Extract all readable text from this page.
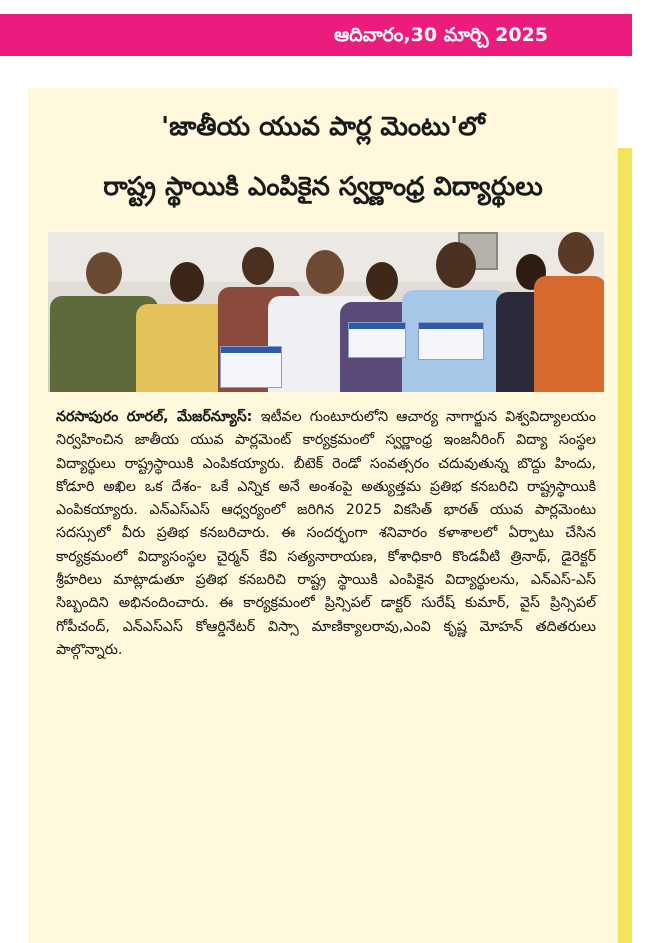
ఆదివారం,30 మార్చి 2025
'జాతీయ యువ పార్ల మెంటు'లో
రాష్ట్ర స్థాయికి ఎంపికైన స్వర్ణాంధ్ర విద్యార్థులు
నరసాపురం రూరల్, మేజర్‌న్యూస్: ఇటీవల గుంటూరులోని ఆచార్య నాగార్జున విశ్వవిద్యాలయం నిర్వహించిన జాతీయ యువ పార్లమెంట్ కార్యక్రమంలో స్వర్ణాంధ్ర ఇంజనీరింగ్ విద్యా సంస్థల విద్యార్థులు రాష్ట్రస్థాయికి ఎంపికయ్యారు. బీటెక్ రెండో సంవత్సరం చదువుతున్న బొద్దు హిందు, కోడూరి అఖిల ఒక దేశం- ఒకే ఎన్నిక అనే అంశంపై అత్యుత్తమ ప్రతిభ కనబరిచి రాష్ట్రస్థాయికి ఎంపికయ్యారు. ఎన్ఎస్ఎస్ ఆధ్వర్యంలో జరిగిన 2025 వికసిత్ భారత్ యువ పార్లమెంటు సదస్సులో వీరు ప్రతిభ కనబరిచారు. ఈ సందర్భంగా శనివారం కళాశాలలో ఏర్పాటు చేసిన కార్యక్రమంలో విద్యాసంస్థల చైర్మన్ కేవి సత్యనారాయణ, కోశాధికారి కొండవీటి త్రినాథ్, డైరెక్టర్ శ్రీహరిలు మాట్లాడుతూ ప్రతిభ కనబరిచి రాష్ట్ర స్థాయికి ఎంపికైన విద్యార్థులను, ఎన్ఎస్-ఎస్ సిబ్బందిని అభినందించారు. ఈ కార్యక్రమంలో ప్రిన్సిపల్ డాక్టర్ సురేష్ కుమార్, వైస్ ప్రిన్సిపల్ గోపీచంద్, ఎన్ఎస్ఎస్ కోఆర్డినేటర్ విస్సా మాణిక్యాలరావు,ఎంవి కృష్ణ మోహన్ తదితరులు పాల్గొన్నారు.
